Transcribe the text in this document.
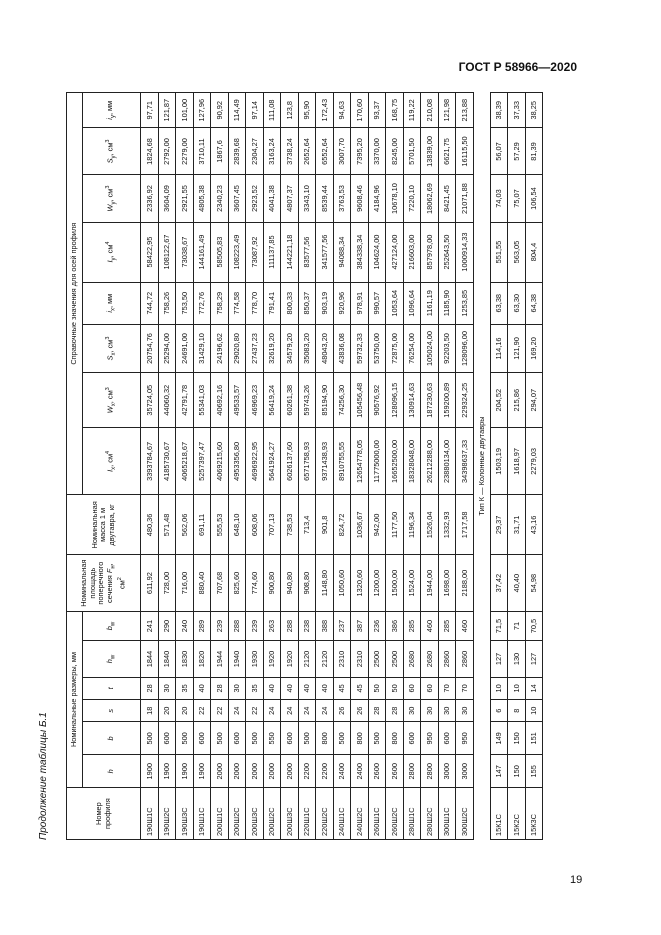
ГОСТ Р 58966—2020
Продолжение таблицы Б.1	Номер профиля	Номинальные размеры, мм						Номинальная площадь поперечного сечения $F_н$, $см^2$	Номинальная масса 1 м двутавра, кг	Справочные значения для осей профиля							
	h	b	s	t	$h_w$	$b_w$			$I_x$, $см^4$	$W_x$, $см^3$	$S_x$, $см^3$	$i_x$, мм	$I_y$, $см^4$	$W_y$, $см^3$	$S_y$, $см^3$	$i_y$, мм
190Ш1С	1900	500	18	28	1844	241	611,92	480,36	3393784,67	35724,05	20754,76	744,72	58422,95	2336,92	1824,68	97,71
190Ш2С	1900	600	20	30	1840	290	728,00	571,48	4185730,67	44060,32	25294,00	758,26	108122,67	3604,09	2792,00	121,87
190Ш3С	1900	500	20	35	1830	240	716,00	562,06	4065218,67	42791,78	24691,00	753,50	73038,67	2921,55	2279,00	101,00
190Ш1С	1900	600	22	40	1820	289	880,40	691,11	5257397,47	55341,03	31429,10	772,76	144161,49	4805,38	3710,11	127,96
200Ш1С	2000	500	22	28	1944	239	707,68	555,53	4069215,60	40692,16	24196,62	758,29	58505,83	2340,23	1867,6	90,92
200Ш2С	2000	600	24	30	1940	288	825,60	648,10	4953356,80	49533,57	29020,80	774,58	108223,49	3607,45	2839,68	114,49
200Ш3С	2000	500	22	35	1930	239	774,60	608,06	4696922,95	46969,23	27437,23	778,70	73087,92	2923,52	2304,27	97,14
200Ш2С	2000	550	24	40	1920	263	900,80	707,13	5641924,27	56419,24	32619,20	791,41	111137,85	4041,38	3163,24	111,08
200Ш3С	2000	600	24	40	1920	288	940,80	738,53	6026137,60	60261,38	34579,20	800,33	144221,18	4807,37	3738,24	123,8
220Ш1С	2200	500	24	40	2120	238	908,80	713,4	6571758,93	59743,26	35083,20	850,37	83577,56	3343,10	2652,64	95,90
220Ш2С	2200	800	24	40	2120	388	1148,80	901,8	9371438,93	85194,90	48043,20	903,19	341577,56	8539,44	6552,64	172,43
240Ш1С	2400	500	26	45	2310	237	1050,60	824,72	8910755,55	74256,30	43836,08	920,96	94088,34	3763,53	3007,70	94,63
240Ш2С	2400	800	26	45	2310	387	1320,60	1036,67	12654778,05	105456,48	59732,33	978,91	384338,34	9608,46	7395,20	170,60
260Ш1С	2600	500	28	50	2500	236	1200,00	942,00	11775000,00	90576,92	53750,00	990,57	104624,00	4184,96	3370,00	93,37
260Ш2С	2600	800	28	50	2500	386	1500,00	1177,50	16652500,00	128096,15	72875,00	1053,64	427124,00	10678,10	8245,00	168,75
280Ш1С	2800	600	30	60	2680	285	1524,00	1196,34	18328048,00	130914,63	76254,00	1096,64	216603,00	7220,10	5701,50	119,22
280Ш2С	2800	950	30	60	2680	460	1944,00	1526,04	26212288,00	187230,63	105024,00	1161,19	857978,00	18062,69	13839,00	210,08
300Ш1С	3000	600	30	70	2860	285	1698,00	1332,93	23880134,00	159200,89	92203,50	1185,90	252643,50	8421,45	6621,75	121,98
300Ш2С	3000	950	30	70	2860	460	2188,00	1717,58	34398637,33	229324,25	128096,00	1253,85	1000914,33	21071,88	16115,50	213,88
Тип К — Колонные двутавры																
15К1С	147	149	6	10	127	71,5	37,42	29,37	1503,19	204,52	114,16	63,38	551,55	74,03	56,07	38,39
15К2С	150	150	8	10	130	71	40,40	31,71	1618,97	215,86	121,90	63,30	563,05	75,07	57,29	37,33
15К3С	155	151	10	14	127	70,5	54,98	43,16	2279,03	294,07	169,20	64,38	804,4	106,54	81,39	38,25
19
